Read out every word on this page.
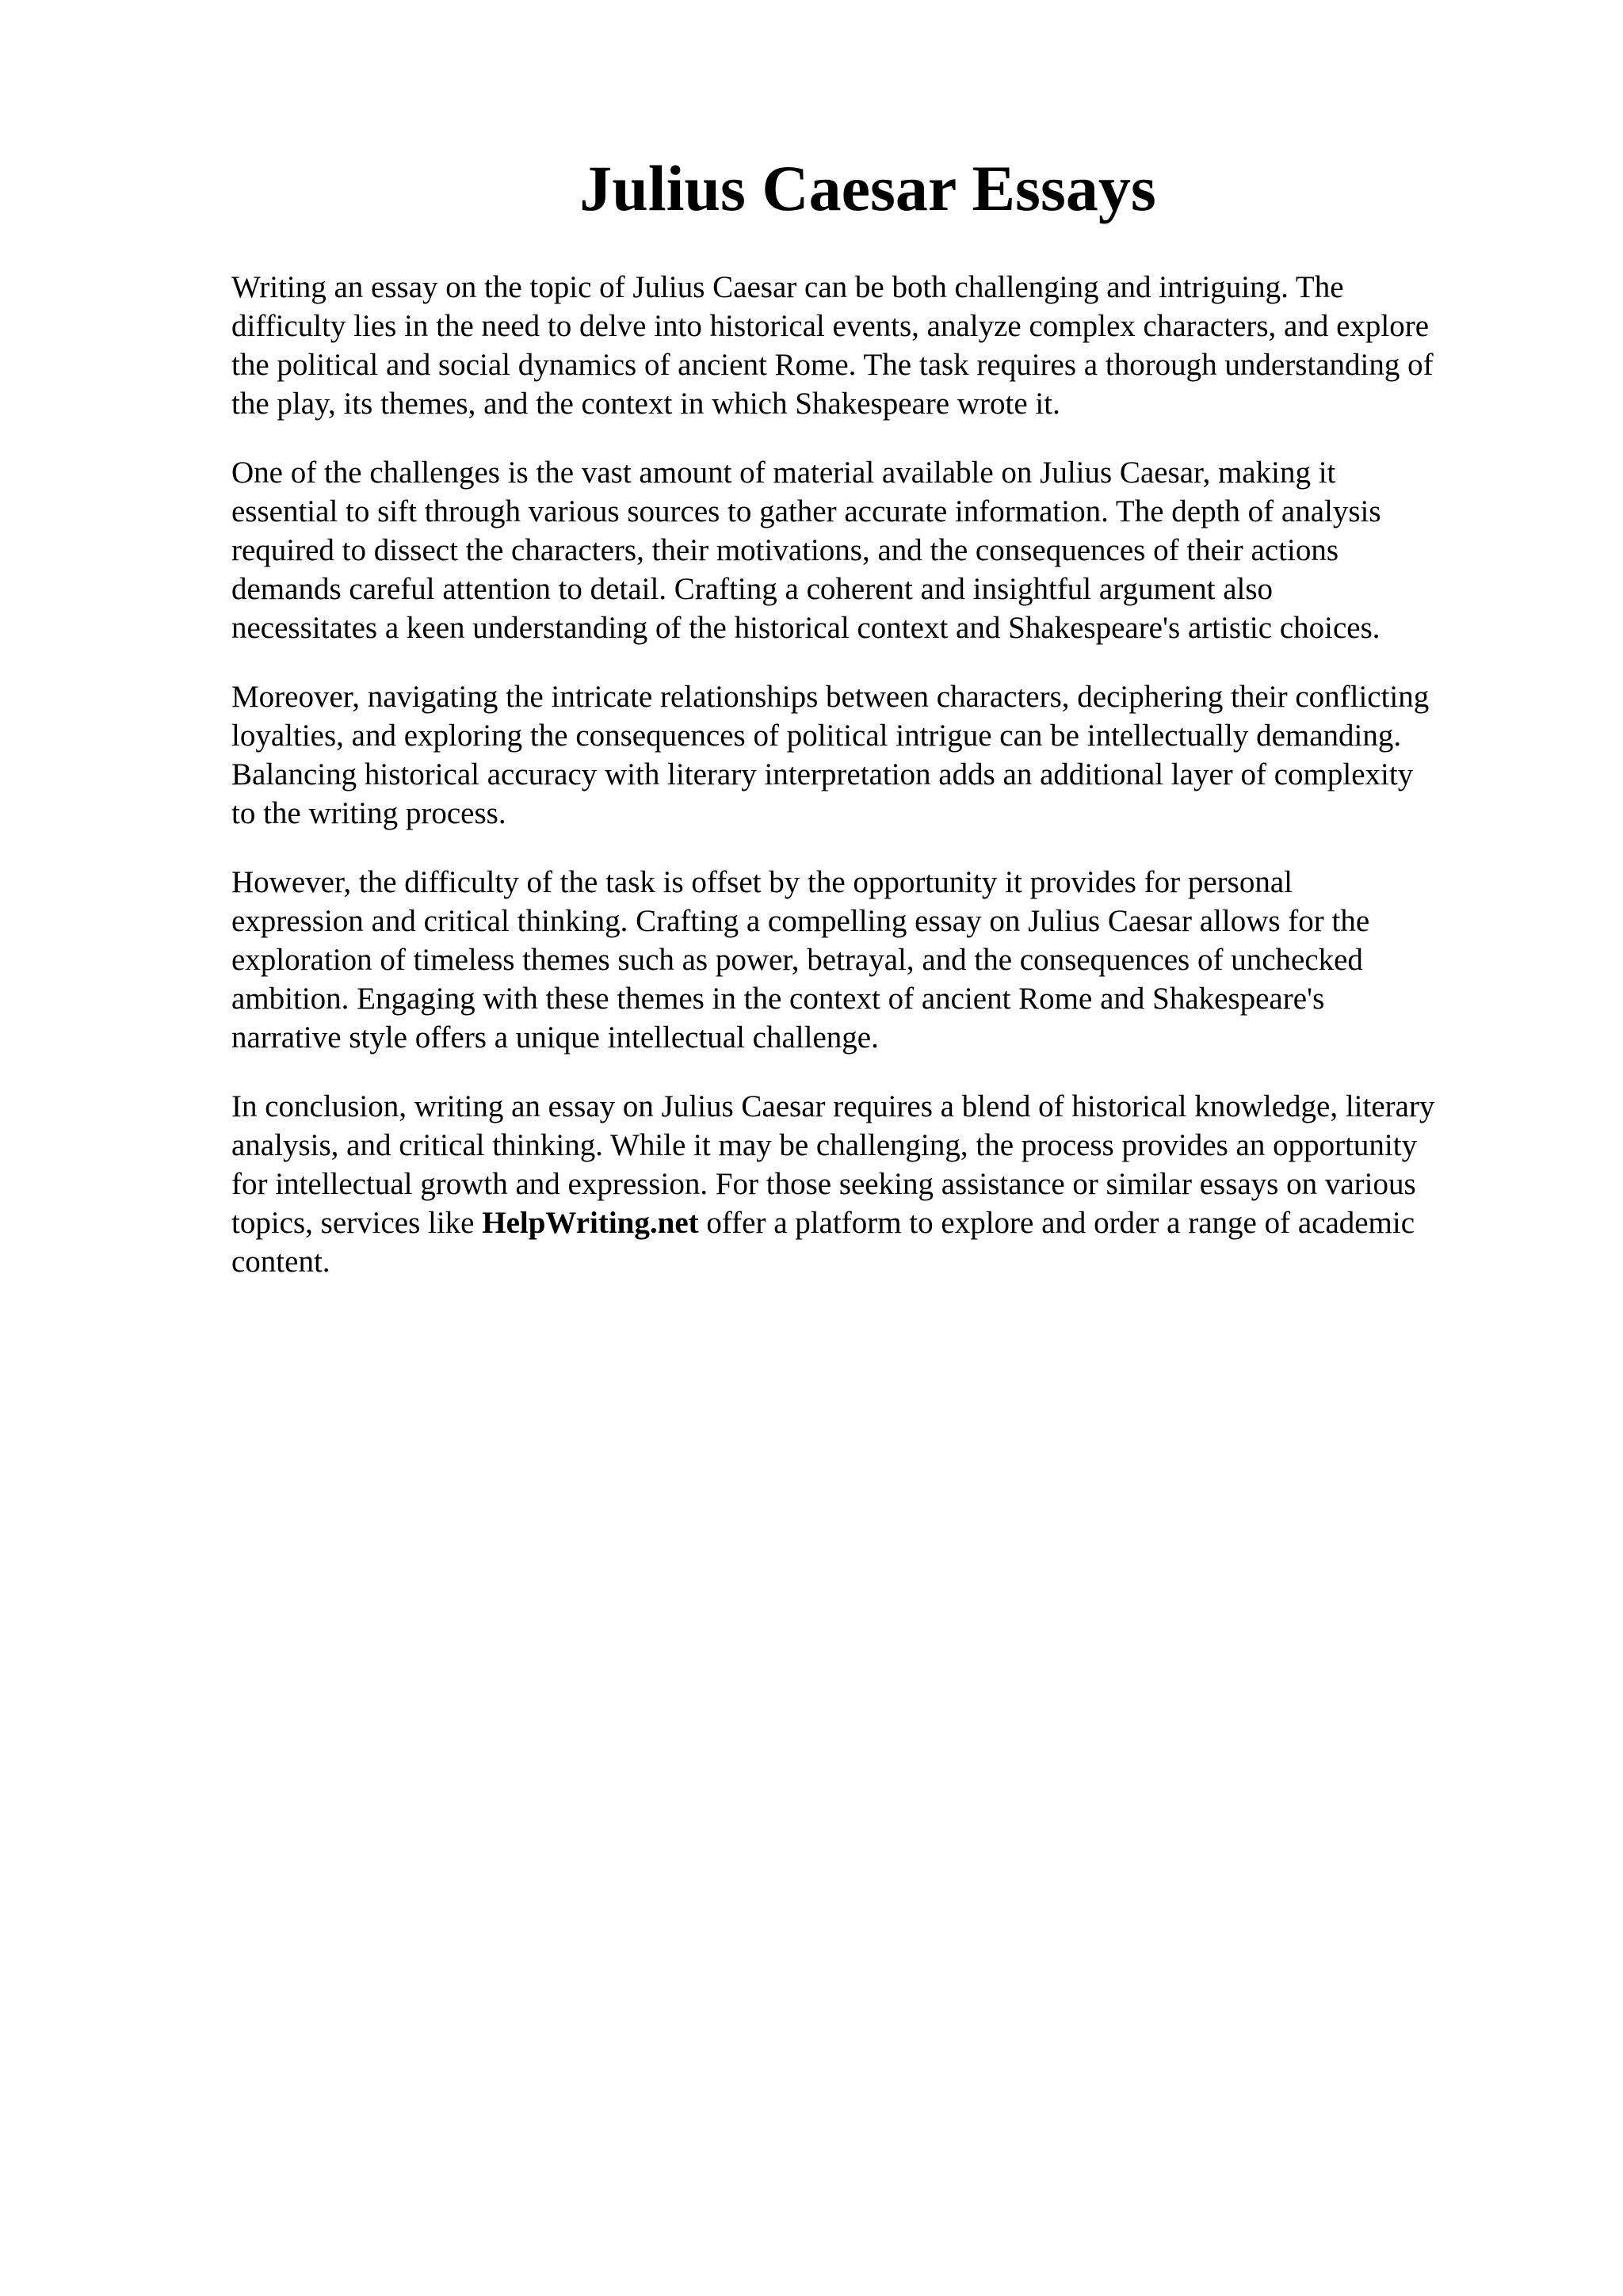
Julius Caesar Essays

Writing an essay on the topic of Julius Caesar can be both challenging and intriguing. The
difficulty lies in the need to delve into historical events, analyze complex characters, and explore
the political and social dynamics of ancient Rome. The task requires a thorough understanding of
the play, its themes, and the context in which Shakespeare wrote it.

One of the challenges is the vast amount of material available on Julius Caesar, making it
essential to sift through various sources to gather accurate information. The depth of analysis
required to dissect the characters, their motivations, and the consequences of their actions
demands careful attention to detail. Crafting a coherent and insightful argument also
necessitates a keen understanding of the historical context and Shakespeare's artistic choices.

Moreover, navigating the intricate relationships between characters, deciphering their conflicting
loyalties, and exploring the consequences of political intrigue can be intellectually demanding.
Balancing historical accuracy with literary interpretation adds an additional layer of complexity
to the writing process.

However, the difficulty of the task is offset by the opportunity it provides for personal
expression and critical thinking. Crafting a compelling essay on Julius Caesar allows for the
exploration of timeless themes such as power, betrayal, and the consequences of unchecked
ambition. Engaging with these themes in the context of ancient Rome and Shakespeare's
narrative style offers a unique intellectual challenge.

In conclusion, writing an essay on Julius Caesar requires a blend of historical knowledge, literary
analysis, and critical thinking. While it may be challenging, the process provides an opportunity
for intellectual growth and expression. For those seeking assistance or similar essays on various
topics, services like HelpWriting.net offer a platform to explore and order a range of academic
content.
